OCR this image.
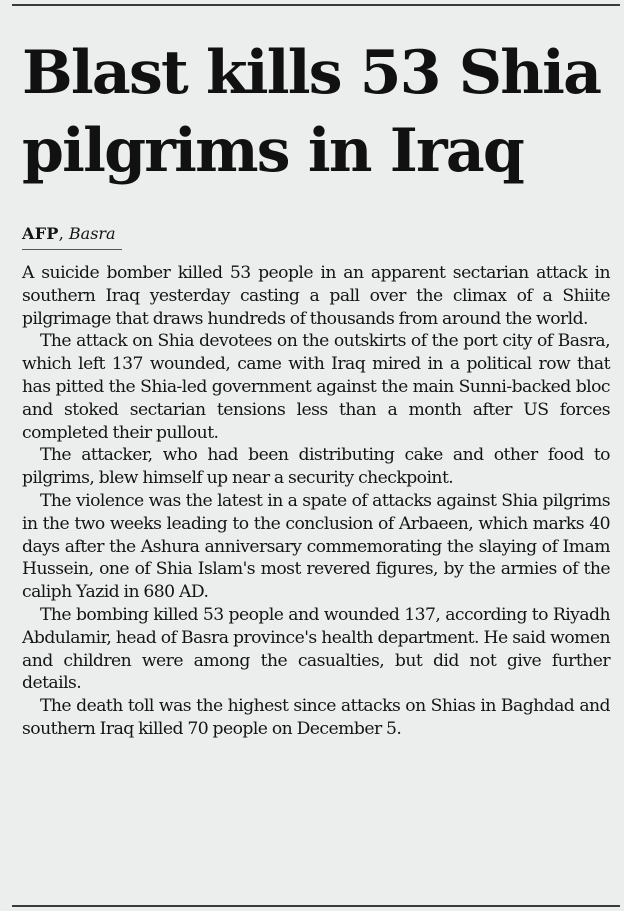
Blast kills 53 Shia pilgrims in Iraq
AFP, Basra

A suicide bomber killed 53 people in an apparent sectarian attack in southern Iraq yesterday casting a pall over the climax of a Shiite pilgrimage that draws hundreds of thousands from around the world.

The attack on Shia devotees on the outskirts of the port city of Basra, which left 137 wounded, came with Iraq mired in a political row that has pitted the Shia-led government against the main Sunni-backed bloc and stoked sectarian tensions less than a month after US forces completed their pullout.

The attacker, who had been distributing cake and other food to pilgrims, blew himself up near a security checkpoint.

The violence was the latest in a spate of attacks against Shia pilgrims in the two weeks leading to the conclusion of Arbaeen, which marks 40 days after the Ashura anniversary commemorating the slaying of Imam Hussein, one of Shia Islam's most revered figures, by the armies of the caliph Yazid in 680 AD.

The bombing killed 53 people and wounded 137, according to Riyadh Abdulamir, head of Basra province's health department. He said women and children were among the casualties, but did not give further details.

The death toll was the highest since attacks on Shias in Baghdad and southern Iraq killed 70 people on December 5.
